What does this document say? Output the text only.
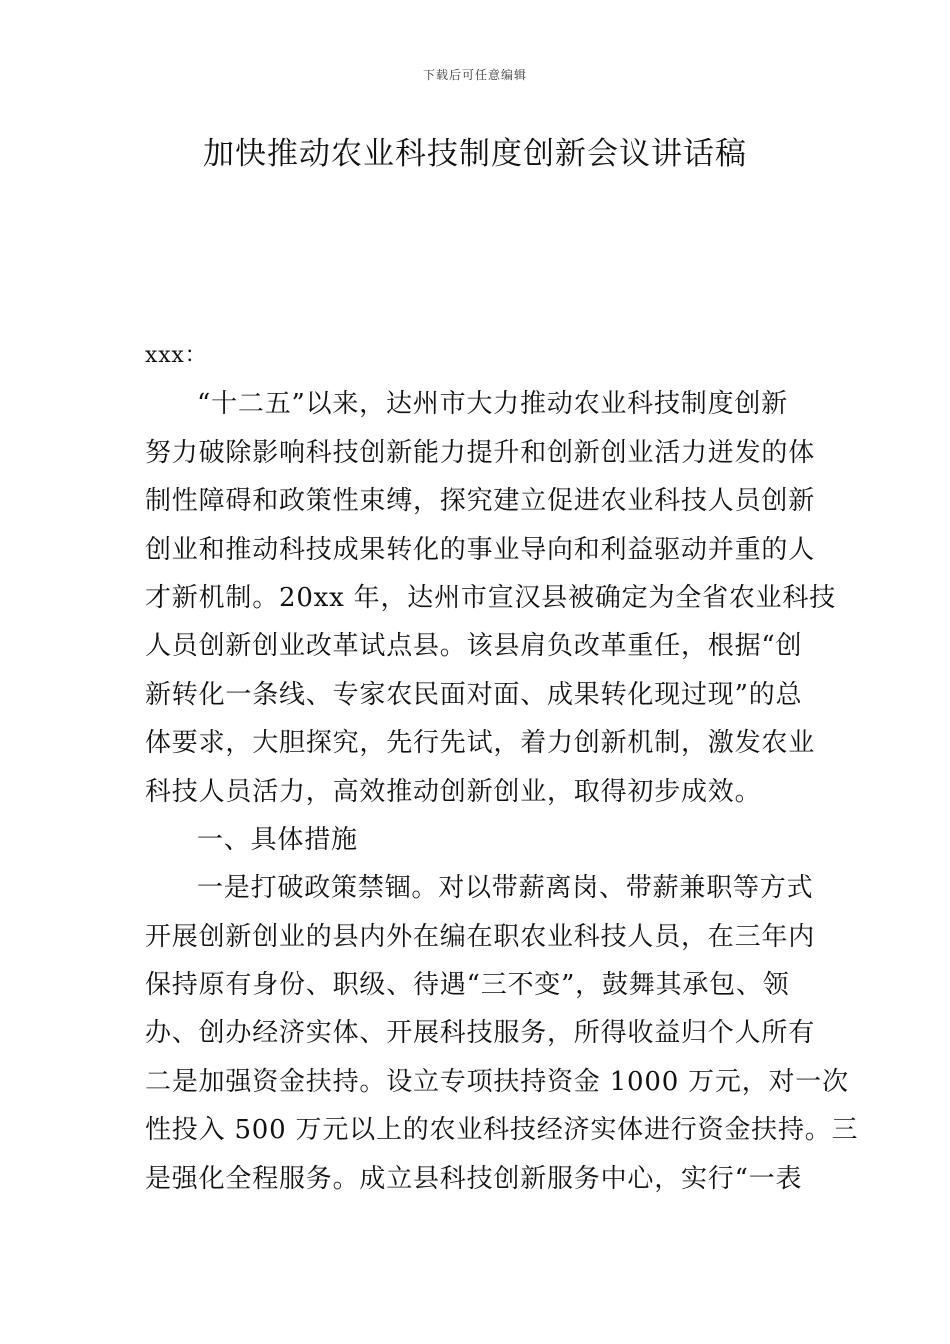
下载后可任意编辑
加快推动农业科技制度创新会议讲话稿
xxx：
“十二五”以来，达州市大力推动农业科技制度创新
努力破除影响科技创新能力提升和创新创业活力迸发的体
制性障碍和政策性束缚，探究建立促进农业科技人员创新
创业和推动科技成果转化的事业导向和利益驱动并重的人
才新机制。20xx 年，达州市宣汉县被确定为全省农业科技
人员创新创业改革试点县。该县肩负改革重任，根据“创
新转化一条线、专家农民面对面、成果转化现过现”的总
体要求，大胆探究，先行先试，着力创新机制，激发农业
科技人员活力，高效推动创新创业，取得初步成效。
一、具体措施
一是打破政策禁锢。对以带薪离岗、带薪兼职等方式
开展创新创业的县内外在编在职农业科技人员，在三年内
保持原有身份、职级、待遇“三不变”，鼓舞其承包、领
办、创办经济实体、开展科技服务，所得收益归个人所有
二是加强资金扶持。设立专项扶持资金 1000 万元，对一次
性投入 500 万元以上的农业科技经济实体进行资金扶持。三
是强化全程服务。成立县科技创新服务中心，实行“一表
